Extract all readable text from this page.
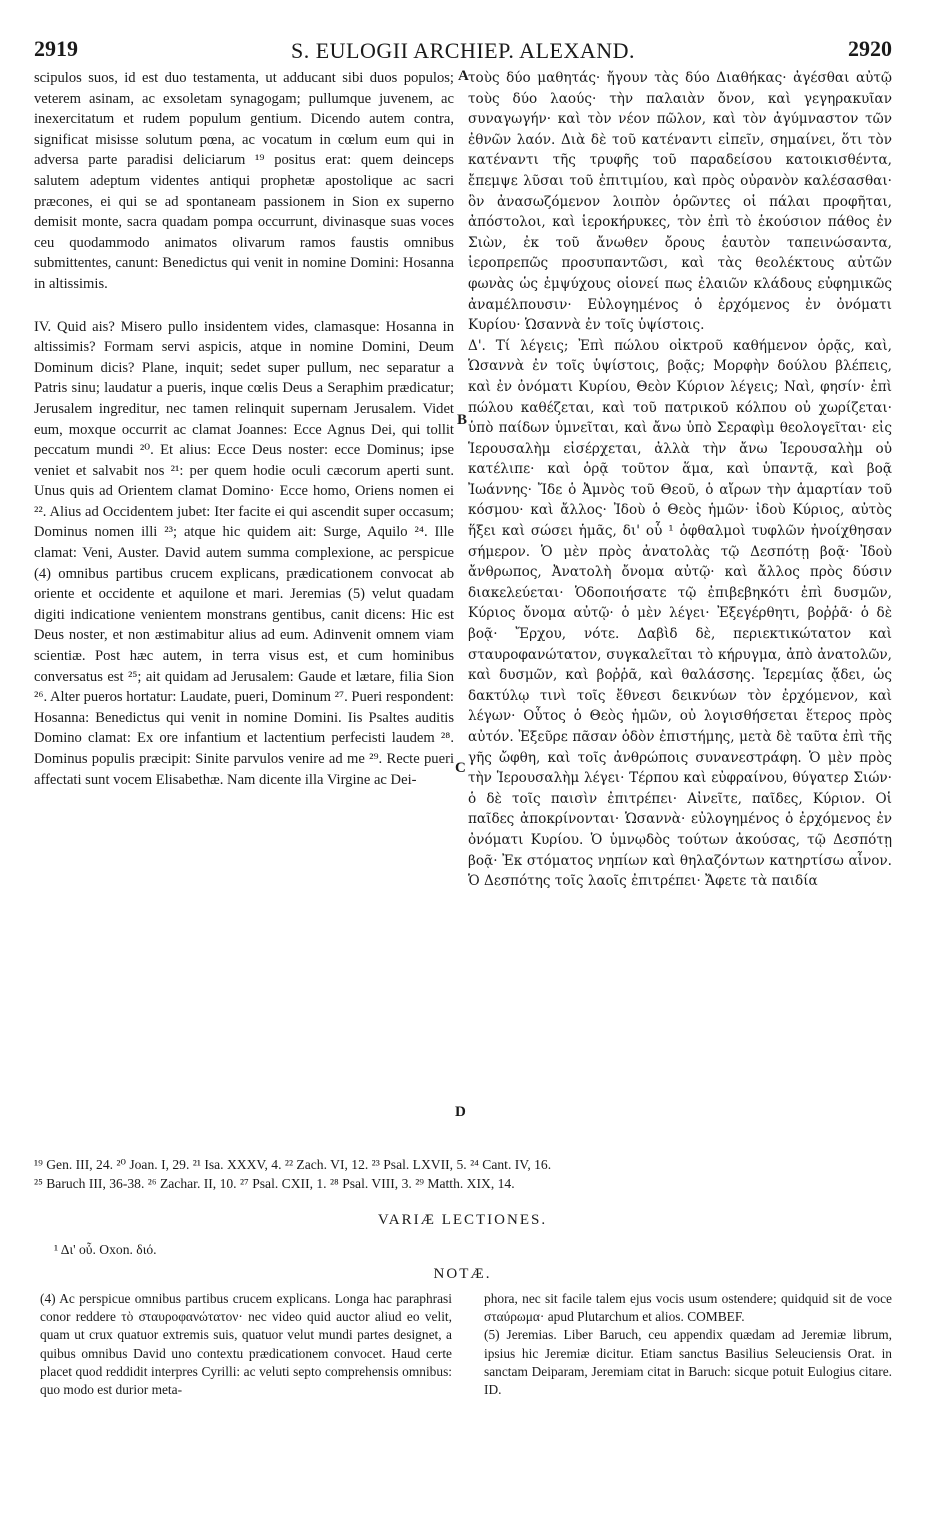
2919	S. EULOGII ARCHIEP. ALEXAND.	2920

scipulos suos, id est duo testamenta, ut adducant sibi duos populos; veterem asinam, ac exsoletam synagogam; pullumque juvenem, ac inexercitatum et rudem populum gentium. Dicendo autem contra, significat misisse solutum pœna, ac vocatum in cœlum eum qui in adversa parte paradisi deliciarum ¹⁹ positus erat: quem deinceps salutem adeptum videntes antiqui prophetæ apostolique ac sacri præcones, ei qui se ad spontaneam passionem in Sion ex superno demisit monte, sacra quadam pompa occurrunt, divinasque suas voces ceu quodammodo animatos olivarum ramos faustis omnibus submittentes, canunt: Benedictus qui venit in nomine Domini: Hosanna in altissimis.

IV. Quid ais? Misero pullo insidentem vides, clamasque: Hosanna in altissimis? Formam servi aspicis, atque in nomine Domini, Deum Dominum dicis? Plane, inquit; sedet super pullum, nec separatur a Patris sinu; laudatur a pueris, inque cœlis Deus a Seraphim prædicatur; Jerusalem ingreditur, nec tamen relinquit supernam Jerusalem. Videt eum, moxque occurrit ac clamat Joannes: Ecce Agnus Dei, qui tollit peccatum mundi ²⁰. Et alius: Ecce Deus noster: ecce Dominus; ipse veniet et salvabit nos ²¹: per quem hodie oculi cæcorum aperti sunt. Unus quis ad Orientem clamat Domino· Ecce homo, Oriens nomen ei ²². Alius ad Occidentem jubet: Iter facite ei qui ascendit super occasum; Dominus nomen illi ²³; atque hic quidem ait: Surge, Aquilo ²⁴. Ille clamat: Veni, Auster. David autem summa complexione, ac perspicue (4) omnibus partibus crucem explicans, prædicationem convocat ab oriente et occidente et aquilone et mari. Jeremias (5) velut quadam digiti indicatione venientem monstrans gentibus, canit dicens: Hic est Deus noster, et non æstimabitur alius ad eum. Adinvenit omnem viam scientiæ. Post hæc autem, in terra visus est, et cum hominibus conversatus est ²⁵; ait quidam ad Jerusalem: Gaude et lætare, filia Sion ²⁶. Alter pueros hortatur: Laudate, pueri, Dominum ²⁷. Pueri respondent: Hosanna: Benedictus qui venit in nomine Domini. Iis Psaltes auditis Domino clamat: Ex ore infantium et lactentium perfecisti laudem ²⁸. Dominus populis præcipit: Sinite parvulos venire ad me ²⁹. Recte pueri affectati sunt vocem Elisabethæ. Nam dicente illa Virgine ac Dei-

A
B
C
D

τοὺς δύο μαθητάς· ἤγουν τὰς δύο Διαθήκας· ἀγέσθαι αὐτῷ τοὺς δύο λαούς· τὴν παλαιὰν ὄνον, καὶ γεγηρακυῖαν συναγωγήν· καὶ τὸν νέον πῶλον, καὶ τὸν ἀγύμναστον τῶν ἐθνῶν λαόν. Διὰ δὲ τοῦ κατέναντι εἰπεῖν, σημαίνει, ὅτι τὸν κατέναντι τῆς τρυφῆς τοῦ παραδείσου κατοικισθέντα, ἔπεμψε λῦσαι τοῦ ἐπιτιμίου, καὶ πρὸς οὐρανὸν καλέσασθαι· ὃν ἀνασωζόμενον λοιπὸν ὁρῶντες οἱ πάλαι προφῆται, ἀπόστολοι, καὶ ἱεροκήρυκες, τὸν ἐπὶ τὸ ἑκούσιον πάθος ἐν Σιὼν, ἐκ τοῦ ἄνωθεν ὄρους ἑαυτὸν ταπεινώσαντα, ἱεροπρεπῶς προσυπαντῶσι, καὶ τὰς θεολέκτους αὐτῶν φωνὰς ὡς ἐμψύχους οἱονεί πως ἐλαιῶν κλάδους εὐφημικῶς ἀναμέλπουσιν· Εὐλογημένος ὁ ἐρχόμενος ἐν ὀνόματι Κυρίου· Ὡσαννὰ ἐν τοῖς ὑψίστοις.

Δ'. Τί λέγεις; Ἐπὶ πώλου οἰκτροῦ καθήμενον ὁρᾷς, καὶ, Ὡσαννὰ ἐν τοῖς ὑψίστοις, βοᾷς; Μορφὴν δούλου βλέπεις, καὶ ἐν ὀνόματι Κυρίου, Θεὸν Κύριον λέγεις; Ναὶ, φησίν· ἐπὶ πώλου καθέζεται, καὶ τοῦ πατρικοῦ κόλπου οὐ χωρίζεται· ὑπὸ παίδων ὑμνεῖται, καὶ ἄνω ὑπὸ Σεραφὶμ θεολογεῖται· εἰς Ἱερουσαλὴμ εἰσέρχεται, ἀλλὰ τὴν ἄνω Ἱερουσαλὴμ οὐ κατέλιπε· καὶ ὁρᾷ τοῦτον ἅμα, καὶ ὑπαντᾷ, καὶ βοᾷ Ἰωάννης· Ἴδε ὁ Ἀμνὸς τοῦ Θεοῦ, ὁ αἴρων τὴν ἁμαρτίαν τοῦ κόσμου· καὶ ἄλλος· Ἰδοὺ ὁ Θεὸς ἡμῶν· ἰδοὺ Κύριος, αὐτὸς ἥξει καὶ σώσει ἡμᾶς, δι' οὗ ¹ ὀφθαλμοὶ τυφλῶν ἠνοίχθησαν σήμερον. Ὁ μὲν πρὸς ἀνατολὰς τῷ Δεσπότῃ βοᾷ· Ἰδοὺ ἄνθρωπος, Ἀνατολὴ ὄνομα αὐτῷ· καὶ ἄλλος πρὸς δύσιν διακελεύεται· Ὁδοποιήσατε τῷ ἐπιβεβηκότι ἐπὶ δυσμῶν, Κύριος ὄνομα αὐτῷ· ὁ μὲν λέγει· Ἐξεγέρθητι, βοῤῥᾶ· ὁ δὲ βοᾷ· Ἔρχου, νότε. Δαβὶδ δὲ, περιεκτικώτατον καὶ σταυροφανώτατον, συγκαλεῖται τὸ κήρυγμα, ἀπὸ ἀνατολῶν, καὶ δυσμῶν, καὶ βοῤῥᾶ, καὶ θαλάσσης. Ἱερεμίας ᾄδει, ὡς δακτύλῳ τινὶ τοῖς ἔθνεσι δεικνύων τὸν ἐρχόμενον, καὶ λέγων· Οὗτος ὁ Θεὸς ἡμῶν, οὐ λογισθήσεται ἕτερος πρὸς αὐτόν. Ἐξεῦρε πᾶσαν ὁδὸν ἐπιστήμης, μετὰ δὲ ταῦτα ἐπὶ τῆς γῆς ὤφθη, καὶ τοῖς ἀνθρώποις συνανεστράφη. Ὁ μὲν πρὸς τὴν Ἱερουσαλὴμ λέγει· Τέρπου καὶ εὐφραίνου, θύγατερ Σιών· ὁ δὲ τοῖς παισὶν ἐπιτρέπει· Αἰνεῖτε, παῖδες, Κύριον. Οἱ παῖδες ἀποκρίνονται· Ὡσαννὰ· εὐλογημένος ὁ ἐρχόμενος ἐν ὀνόματι Κυρίου. Ὁ ὑμνῳδὸς τούτων ἀκούσας, τῷ Δεσπότῃ βοᾷ· Ἐκ στόματος νηπίων καὶ θηλαζόντων κατηρτίσω αἶνον. Ὁ Δεσπότης τοῖς λαοῖς ἐπιτρέπει· Ἄφετε τὰ παιδία

¹⁹ Gen. III, 24. ²⁰ Joan. I, 29. ²¹ Isa. XXXV, 4. ²² Zach. VI, 12. ²³ Psal. LXVII, 5. ²⁴ Cant. IV, 16.
²⁵ Baruch III, 36-38. ²⁶ Zachar. II, 10. ²⁷ Psal. CXII, 1. ²⁸ Psal. VIII, 3. ²⁹ Matth. XIX, 14.
VARIÆ LECTIONES.
¹ Δι' οὗ. Oxon. διό.
NOTÆ.

(4) Ac perspicue omnibus partibus crucem explicans. Longa hac paraphrasi conor reddere τὸ σταυροφανώτατον· nec video quid auctor aliud eo velit, quam ut crux quatuor extremis suis, quatuor velut mundi partes designet, a quibus omnibus David uno contextu prædicationem convocet. Haud certe placet quod reddidit interpres Cyrilli: ac veluti septo comprehensis omnibus: quo modo est durior meta-

phora, nec sit facile talem ejus vocis usum ostendere; quidquid sit de voce σταύρωμα· apud Plutarchum et alios. COMBEF.

(5) Jeremias. Liber Baruch, ceu appendix quædam ad Jeremiæ librum, ipsius hic Jeremiæ dicitur. Etiam sanctus Basilius Seleuciensis Orat. in sanctam Deiparam, Jeremiam citat in Baruch: sicque potuit Eulogius citare. ID.
